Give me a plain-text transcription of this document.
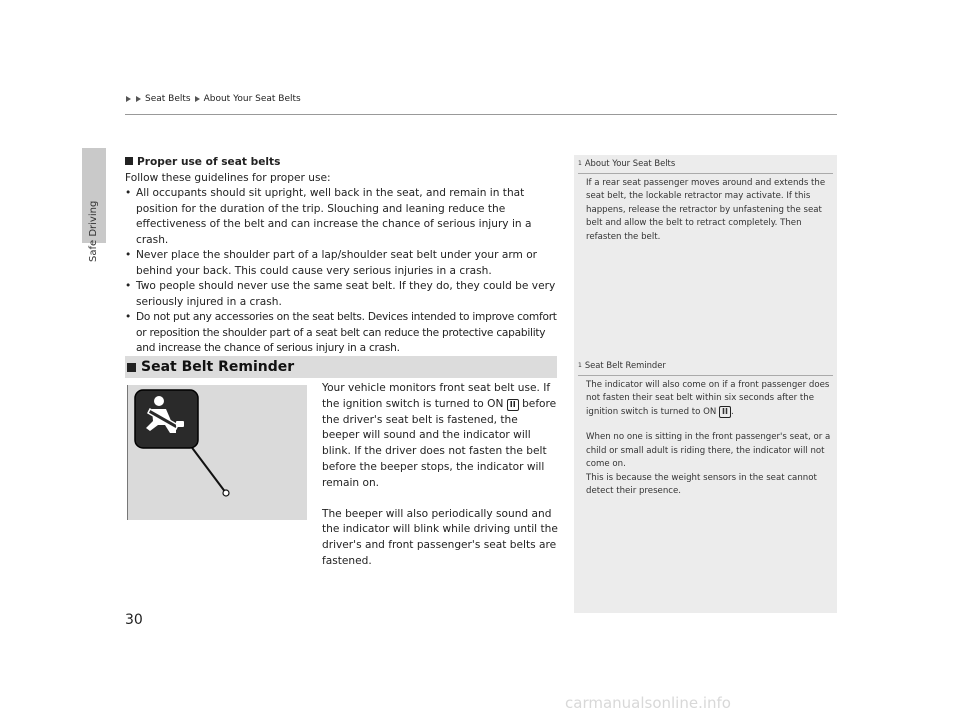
Safe Driving
Seat Belts About Your Seat Belts

Proper use of seat belts

Follow these guidelines for proper use:

• All occupants should sit upright, well back in the seat, and remain in that position for the duration of the trip. Slouching and leaning reduce the effectiveness of the belt and can increase the chance of serious injury in a crash.
• Never place the shoulder part of a lap/shoulder seat belt under your arm or behind your back. This could cause very serious injuries in a crash.
• Two people should never use the same seat belt. If they do, they could be very seriously injured in a crash.
• Do not put any accessories on the seat belts. Devices intended to improve comfort or reposition the shoulder part of a seat belt can reduce the protective capability and increase the chance of serious injury in a crash.
1 About Your Seat Belts
If a rear seat passenger moves around and extends the seat belt, the lockable retractor may activate. If this happens, release the retractor by unfastening the seat belt and allow the belt to retract completely. Then refasten the belt.
1 Seat Belt Reminder
The indicator will also come on if a front passenger does not fasten their seat belt within six seconds after the ignition switch is turned to ON II .
When no one is sitting in the front passenger's seat, or a child or small adult is riding there, the indicator will not come on.
This is because the weight sensors in the seat cannot detect their presence.
Seat Belt Reminder

Your vehicle monitors front seat belt use. If the ignition switch is turned to ON II before the driver's seat belt is fastened, the beeper will sound and the indicator will blink. If the driver does not fasten the belt before the beeper stops, the indicator will remain on.

The beeper will also periodically sound and the indicator will blink while driving until the driver's and front passenger's seat belts are fastened.

30
carmanualsonline.info
